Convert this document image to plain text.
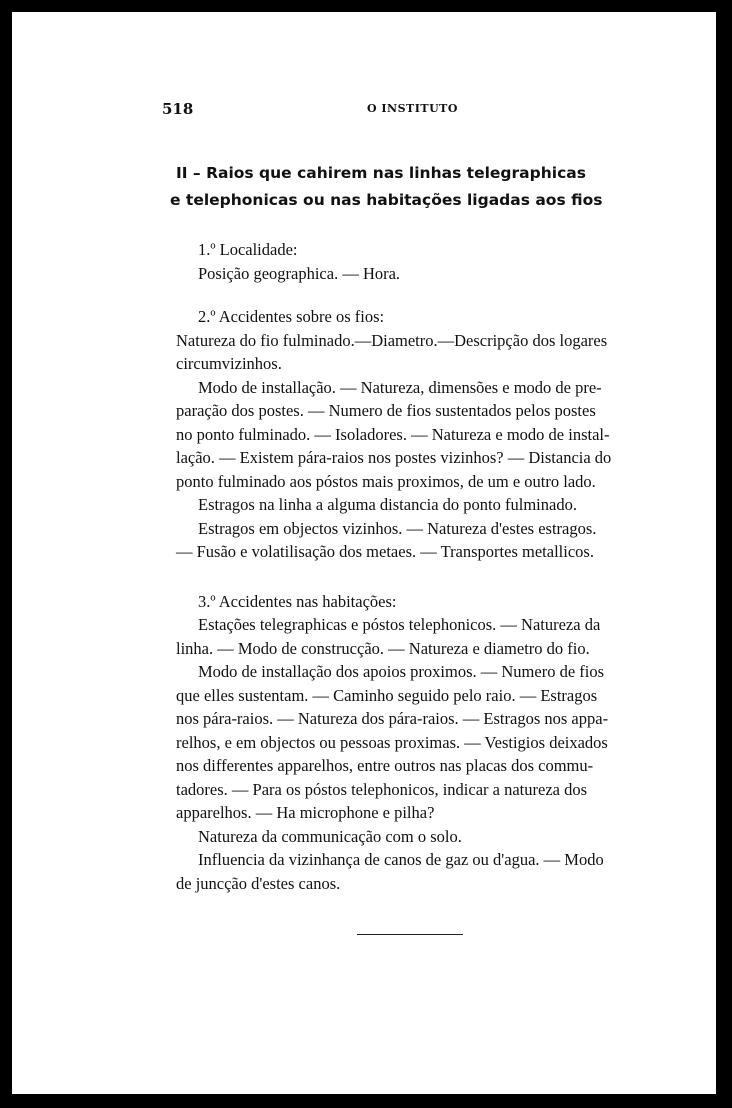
518	O INSTITUTO
II – Raios que cahirem nas linhas telegraphicas
e telephonicas ou nas habitações ligadas aos fios
1.º Localidade:
Posição geographica. — Hora.
2.º Accidentes sobre os fios:
Natureza do fio fulminado.—Diametro.—Descripção dos logares
circumvizinhos.
Modo de installação. — Natureza, dimensões e modo de pre-
paração dos postes. — Numero de fios sustentados pelos postes
no ponto fulminado. — Isoladores. — Natureza e modo de instal-
lação. — Existem pára-raios nos postes vizinhos? — Distancia do
ponto fulminado aos póstos mais proximos, de um e outro lado.
Estragos na linha a alguma distancia do ponto fulminado.
Estragos em objectos vizinhos. — Natureza d'estes estragos.
— Fusão e volatilisação dos metaes. — Transportes metallicos.
3.º Accidentes nas habitações:
Estações telegraphicas e póstos telephonicos. — Natureza da
linha. — Modo de construcção. — Natureza e diametro do fio.
Modo de installação dos apoios proximos. — Numero de fios
que elles sustentam. — Caminho seguido pelo raio. — Estragos
nos pára-raios. — Natureza dos pára-raios. — Estragos nos appa-
relhos, e em objectos ou pessoas proximas. — Vestigios deixados
nos differentes apparelhos, entre outros nas placas dos commu-
tadores. — Para os póstos telephonicos, indicar a natureza dos
apparelhos. — Ha microphone e pilha?
Natureza da communicação com o solo.
Influencia da vizinhança de canos de gaz ou d'agua. — Modo
de juncção d'estes canos.
